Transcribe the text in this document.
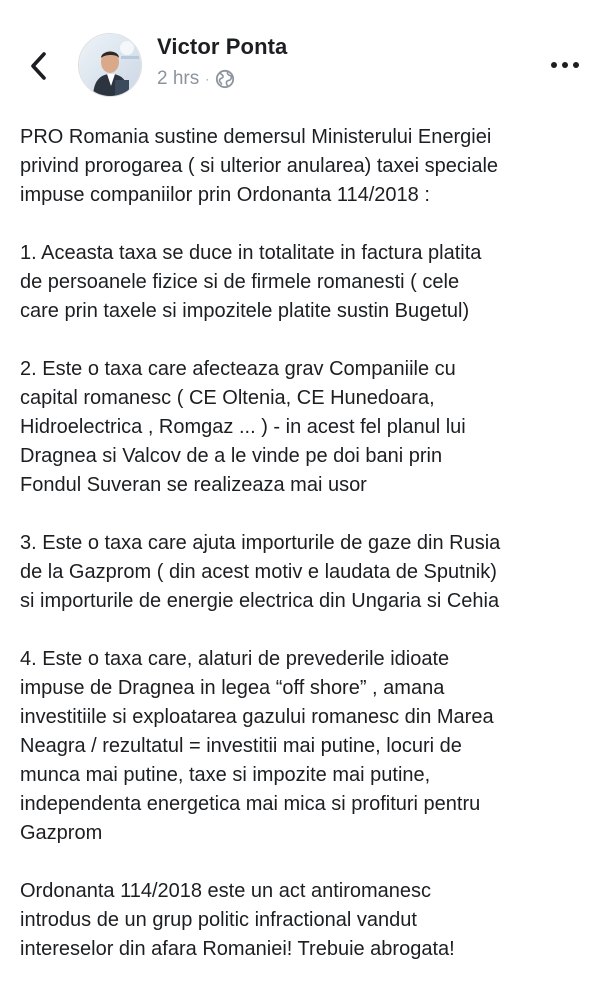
Victor Ponta
2 hrs ·

PRO Romania sustine demersul Ministerului Energiei
privind prorogarea ( si ulterior anularea) taxei speciale
impuse companiilor prin Ordonanta 114/2018 :

1. Aceasta taxa se duce in totalitate in factura platita
de persoanele fizice si de firmele romanesti ( cele
care prin taxele si impozitele platite sustin Bugetul)

2. Este o taxa care afecteaza grav Companiile cu
capital romanesc ( CE Oltenia, CE Hunedoara,
Hidroelectrica , Romgaz ... ) - in acest fel planul lui
Dragnea si Valcov de a le vinde pe doi bani prin
Fondul Suveran se realizeaza mai usor

3. Este o taxa care ajuta importurile de gaze din Rusia
de la Gazprom ( din acest motiv e laudata de Sputnik)
si importurile de energie electrica din Ungaria si Cehia

4. Este o taxa care, alaturi de prevederile idioate
impuse de Dragnea in legea “off shore” , amana
investitiile si exploatarea gazului romanesc din Marea
Neagra / rezultatul = investitii mai putine, locuri de
munca mai putine, taxe si impozite mai putine,
independenta energetica mai mica si profituri pentru
Gazprom

Ordonanta 114/2018 este un act antiromanesc
introdus de un grup politic infractional vandut
intereselor din afara Romaniei! Trebuie abrogata!
